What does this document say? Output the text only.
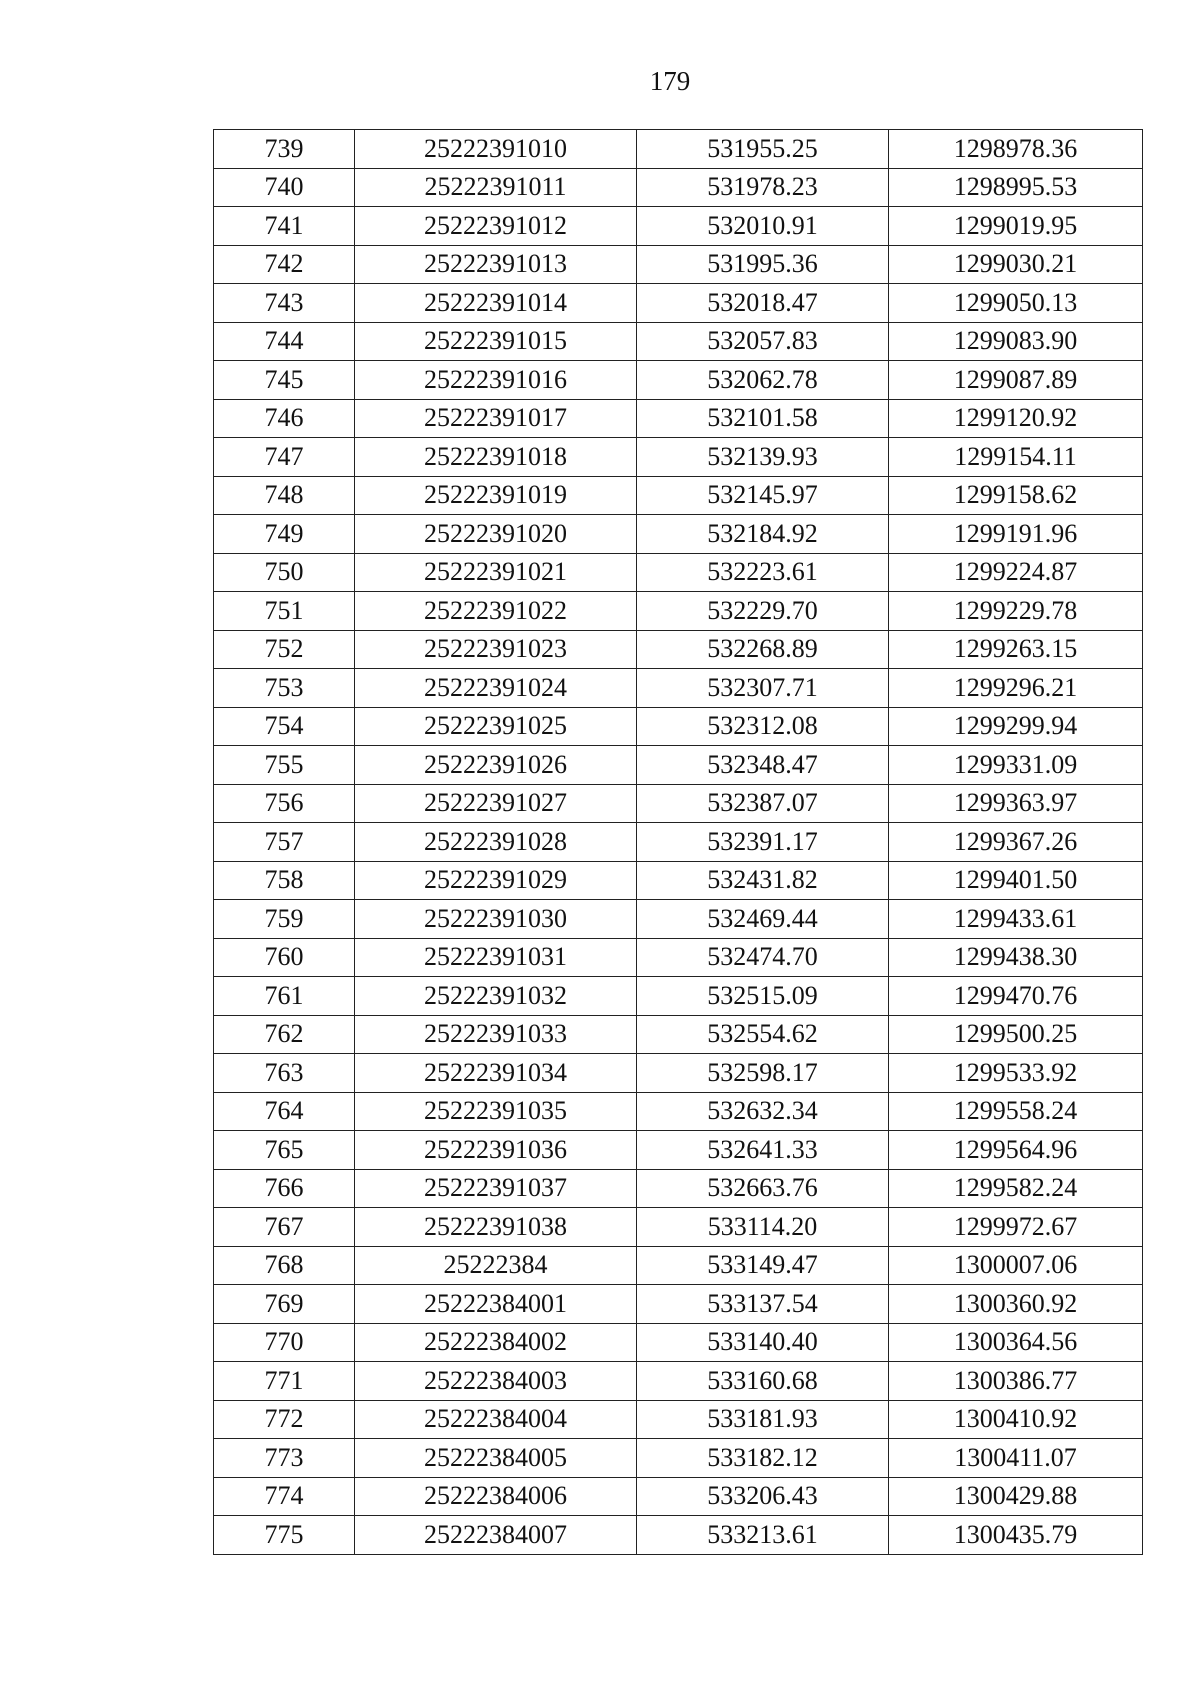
179
739	25222391010	531955.25	1298978.36
740	25222391011	531978.23	1298995.53
741	25222391012	532010.91	1299019.95
742	25222391013	531995.36	1299030.21
743	25222391014	532018.47	1299050.13
744	25222391015	532057.83	1299083.90
745	25222391016	532062.78	1299087.89
746	25222391017	532101.58	1299120.92
747	25222391018	532139.93	1299154.11
748	25222391019	532145.97	1299158.62
749	25222391020	532184.92	1299191.96
750	25222391021	532223.61	1299224.87
751	25222391022	532229.70	1299229.78
752	25222391023	532268.89	1299263.15
753	25222391024	532307.71	1299296.21
754	25222391025	532312.08	1299299.94
755	25222391026	532348.47	1299331.09
756	25222391027	532387.07	1299363.97
757	25222391028	532391.17	1299367.26
758	25222391029	532431.82	1299401.50
759	25222391030	532469.44	1299433.61
760	25222391031	532474.70	1299438.30
761	25222391032	532515.09	1299470.76
762	25222391033	532554.62	1299500.25
763	25222391034	532598.17	1299533.92
764	25222391035	532632.34	1299558.24
765	25222391036	532641.33	1299564.96
766	25222391037	532663.76	1299582.24
767	25222391038	533114.20	1299972.67
768	25222384	533149.47	1300007.06
769	25222384001	533137.54	1300360.92
770	25222384002	533140.40	1300364.56
771	25222384003	533160.68	1300386.77
772	25222384004	533181.93	1300410.92
773	25222384005	533182.12	1300411.07
774	25222384006	533206.43	1300429.88
775	25222384007	533213.61	1300435.79
